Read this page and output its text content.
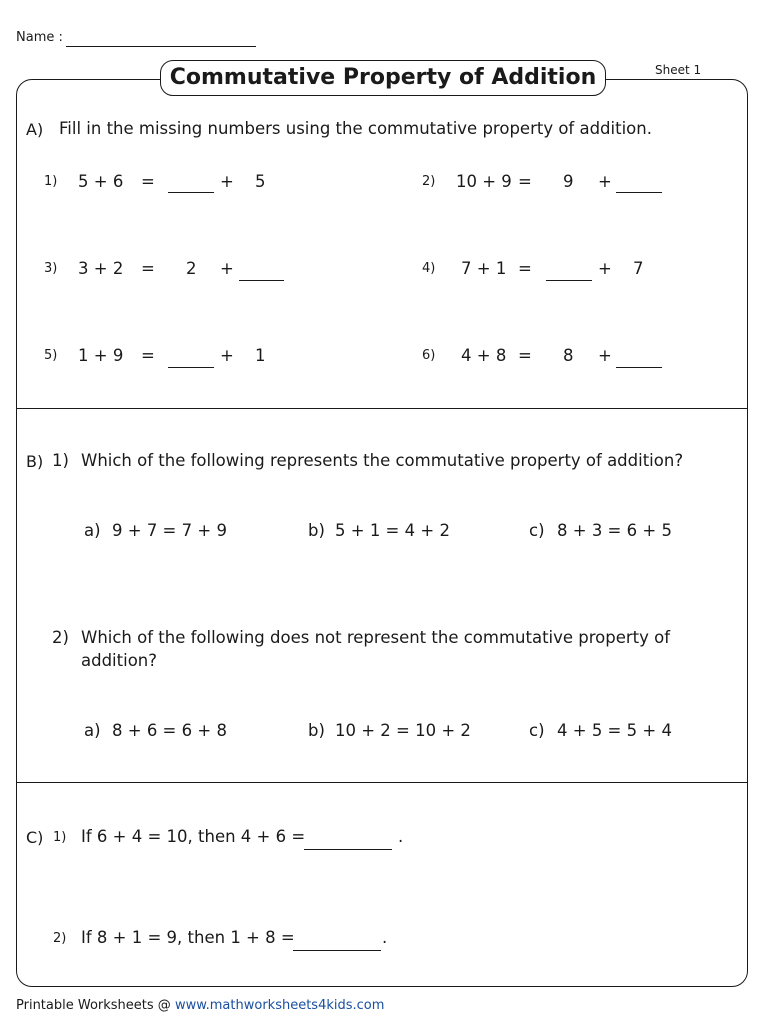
Name :
Sheet 1
Commutative Property of Addition
A) Fill in the missing numbers using the commutative property of addition.
1) 5 + 6 =	+ 5	2) 10 + 9 = 9 +
3) 3 + 2 = 2 +	4) 7 + 1 =	+ 7
5) 1 + 9 =	+ 1	6) 4 + 8 = 8 +
B) 1) Which of the following represents the commutative property of addition?
a) 9 + 7 = 7 + 9	b) 5 + 1 = 4 + 2	c) 8 + 3 = 6 + 5
2) Which of the following does not represent the commutative property of
addition?
a) 8 + 6 = 6 + 8	b) 10 + 2 = 10 + 2	c) 4 + 5 = 5 + 4
C) 1) If 6 + 4 = 10, then 4 + 6 =	.
2) If 8 + 1 = 9, then 1 + 8 =	.
Printable Worksheets @ www.mathworksheets4kids.com
